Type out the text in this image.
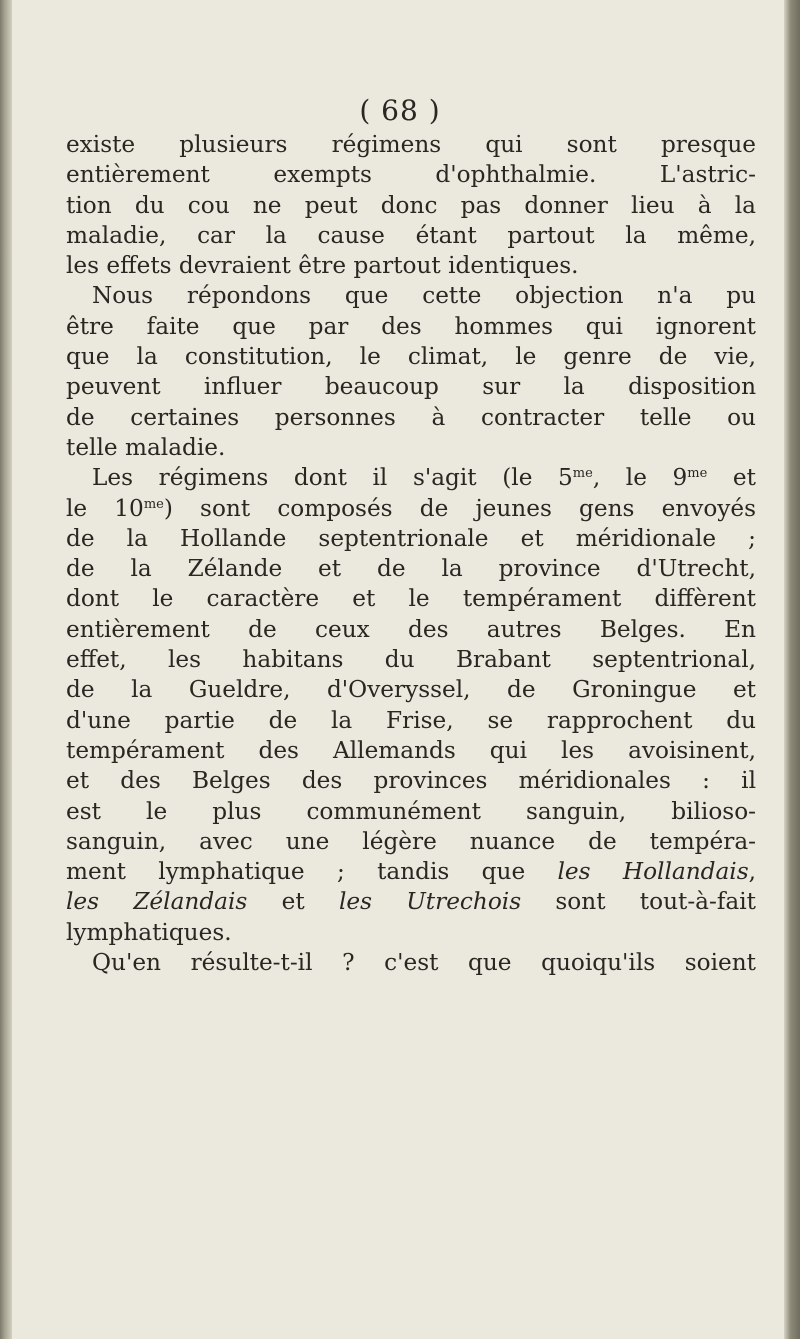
( 68 )
existe plusieurs régimens qui sont presque
entièrement exempts d'ophthalmie. L'astric-
tion du cou ne peut donc pas donner lieu à la
maladie, car la cause étant partout la même,
les effets devraient être partout identiques.
Nous répondons que cette objection n'a pu
être faite que par des hommes qui ignorent
que la constitution, le climat, le genre de vie,
peuvent influer beaucoup sur la disposition
de certaines personnes à contracter telle ou
telle maladie.
Les régimens dont il s'agit (le $5^{me}$, le $9^{me}$ et
le $10^{me}$) sont composés de jeunes gens envoyés
de la Hollande septentrionale et méridionale ;
de la Zélande et de la province d'Utrecht,
dont le caractère et le tempérament diffèrent
entièrement de ceux des autres Belges. En
effet, les habitans du Brabant septentrional,
de la Gueldre, d'Overyssel, de Groningue et
d'une partie de la Frise, se rapprochent du
tempérament des Allemands qui les avoisinent,
et des Belges des provinces méridionales : il
est le plus communément sanguin, bilioso-
sanguin, avec une légère nuance de tempéra-
ment lymphatique ; tandis que les Hollandais,
les Zélandais et les Utrechois sont tout-à-fait
lymphatiques.
Qu'en résulte-t-il ? c'est que quoiqu'ils soient
